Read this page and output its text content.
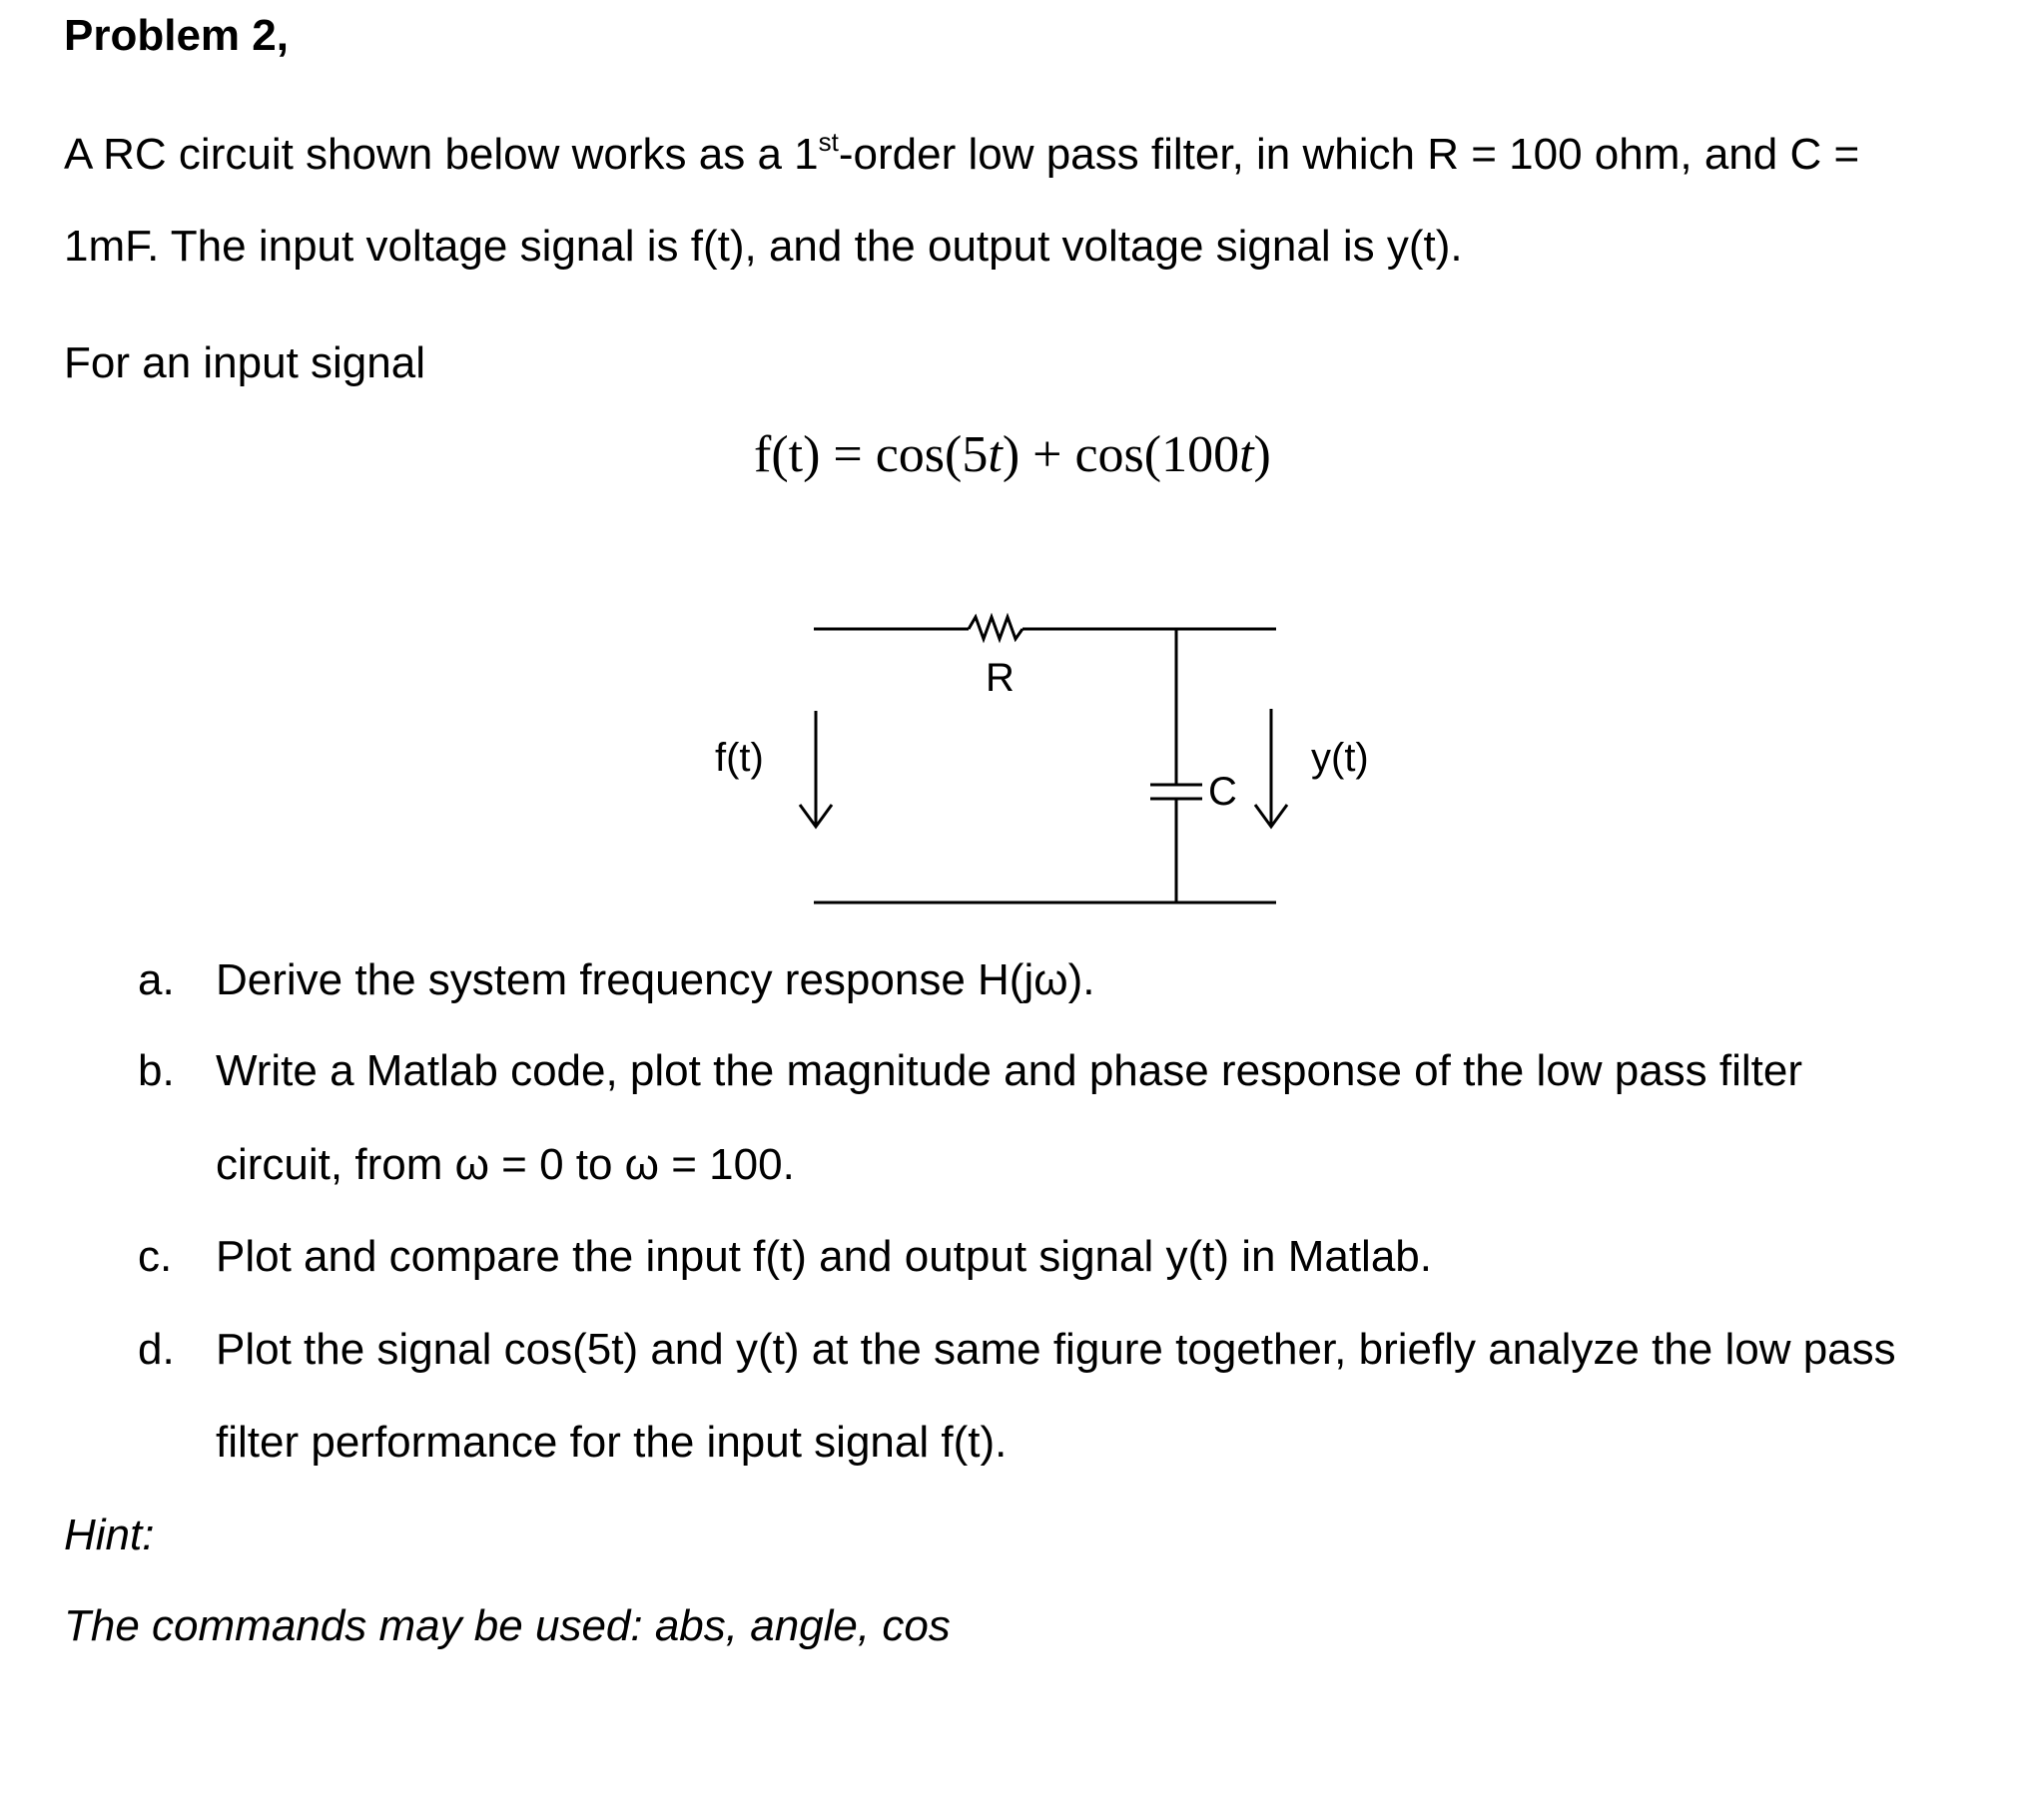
Problem 2,
A RC circuit shown below works as a 1st-order low pass filter, in which R = 100 ohm, and C =
1mF. The input voltage signal is f(t), and the output voltage signal is y(t).
For an input signal
f(t) = cos(5t) + cos(100t)
R
C
f(t)	y(t)
a. Derive the system frequency response H(jω).
b. Write a Matlab code, plot the magnitude and phase response of the low pass filter
circuit, from ω = 0 to ω = 100.
c. Plot and compare the input f(t) and output signal y(t) in Matlab.
d. Plot the signal cos(5t) and y(t) at the same figure together, briefly analyze the low pass
filter performance for the input signal f(t).
Hint:
The commands may be used: abs, angle, cos
